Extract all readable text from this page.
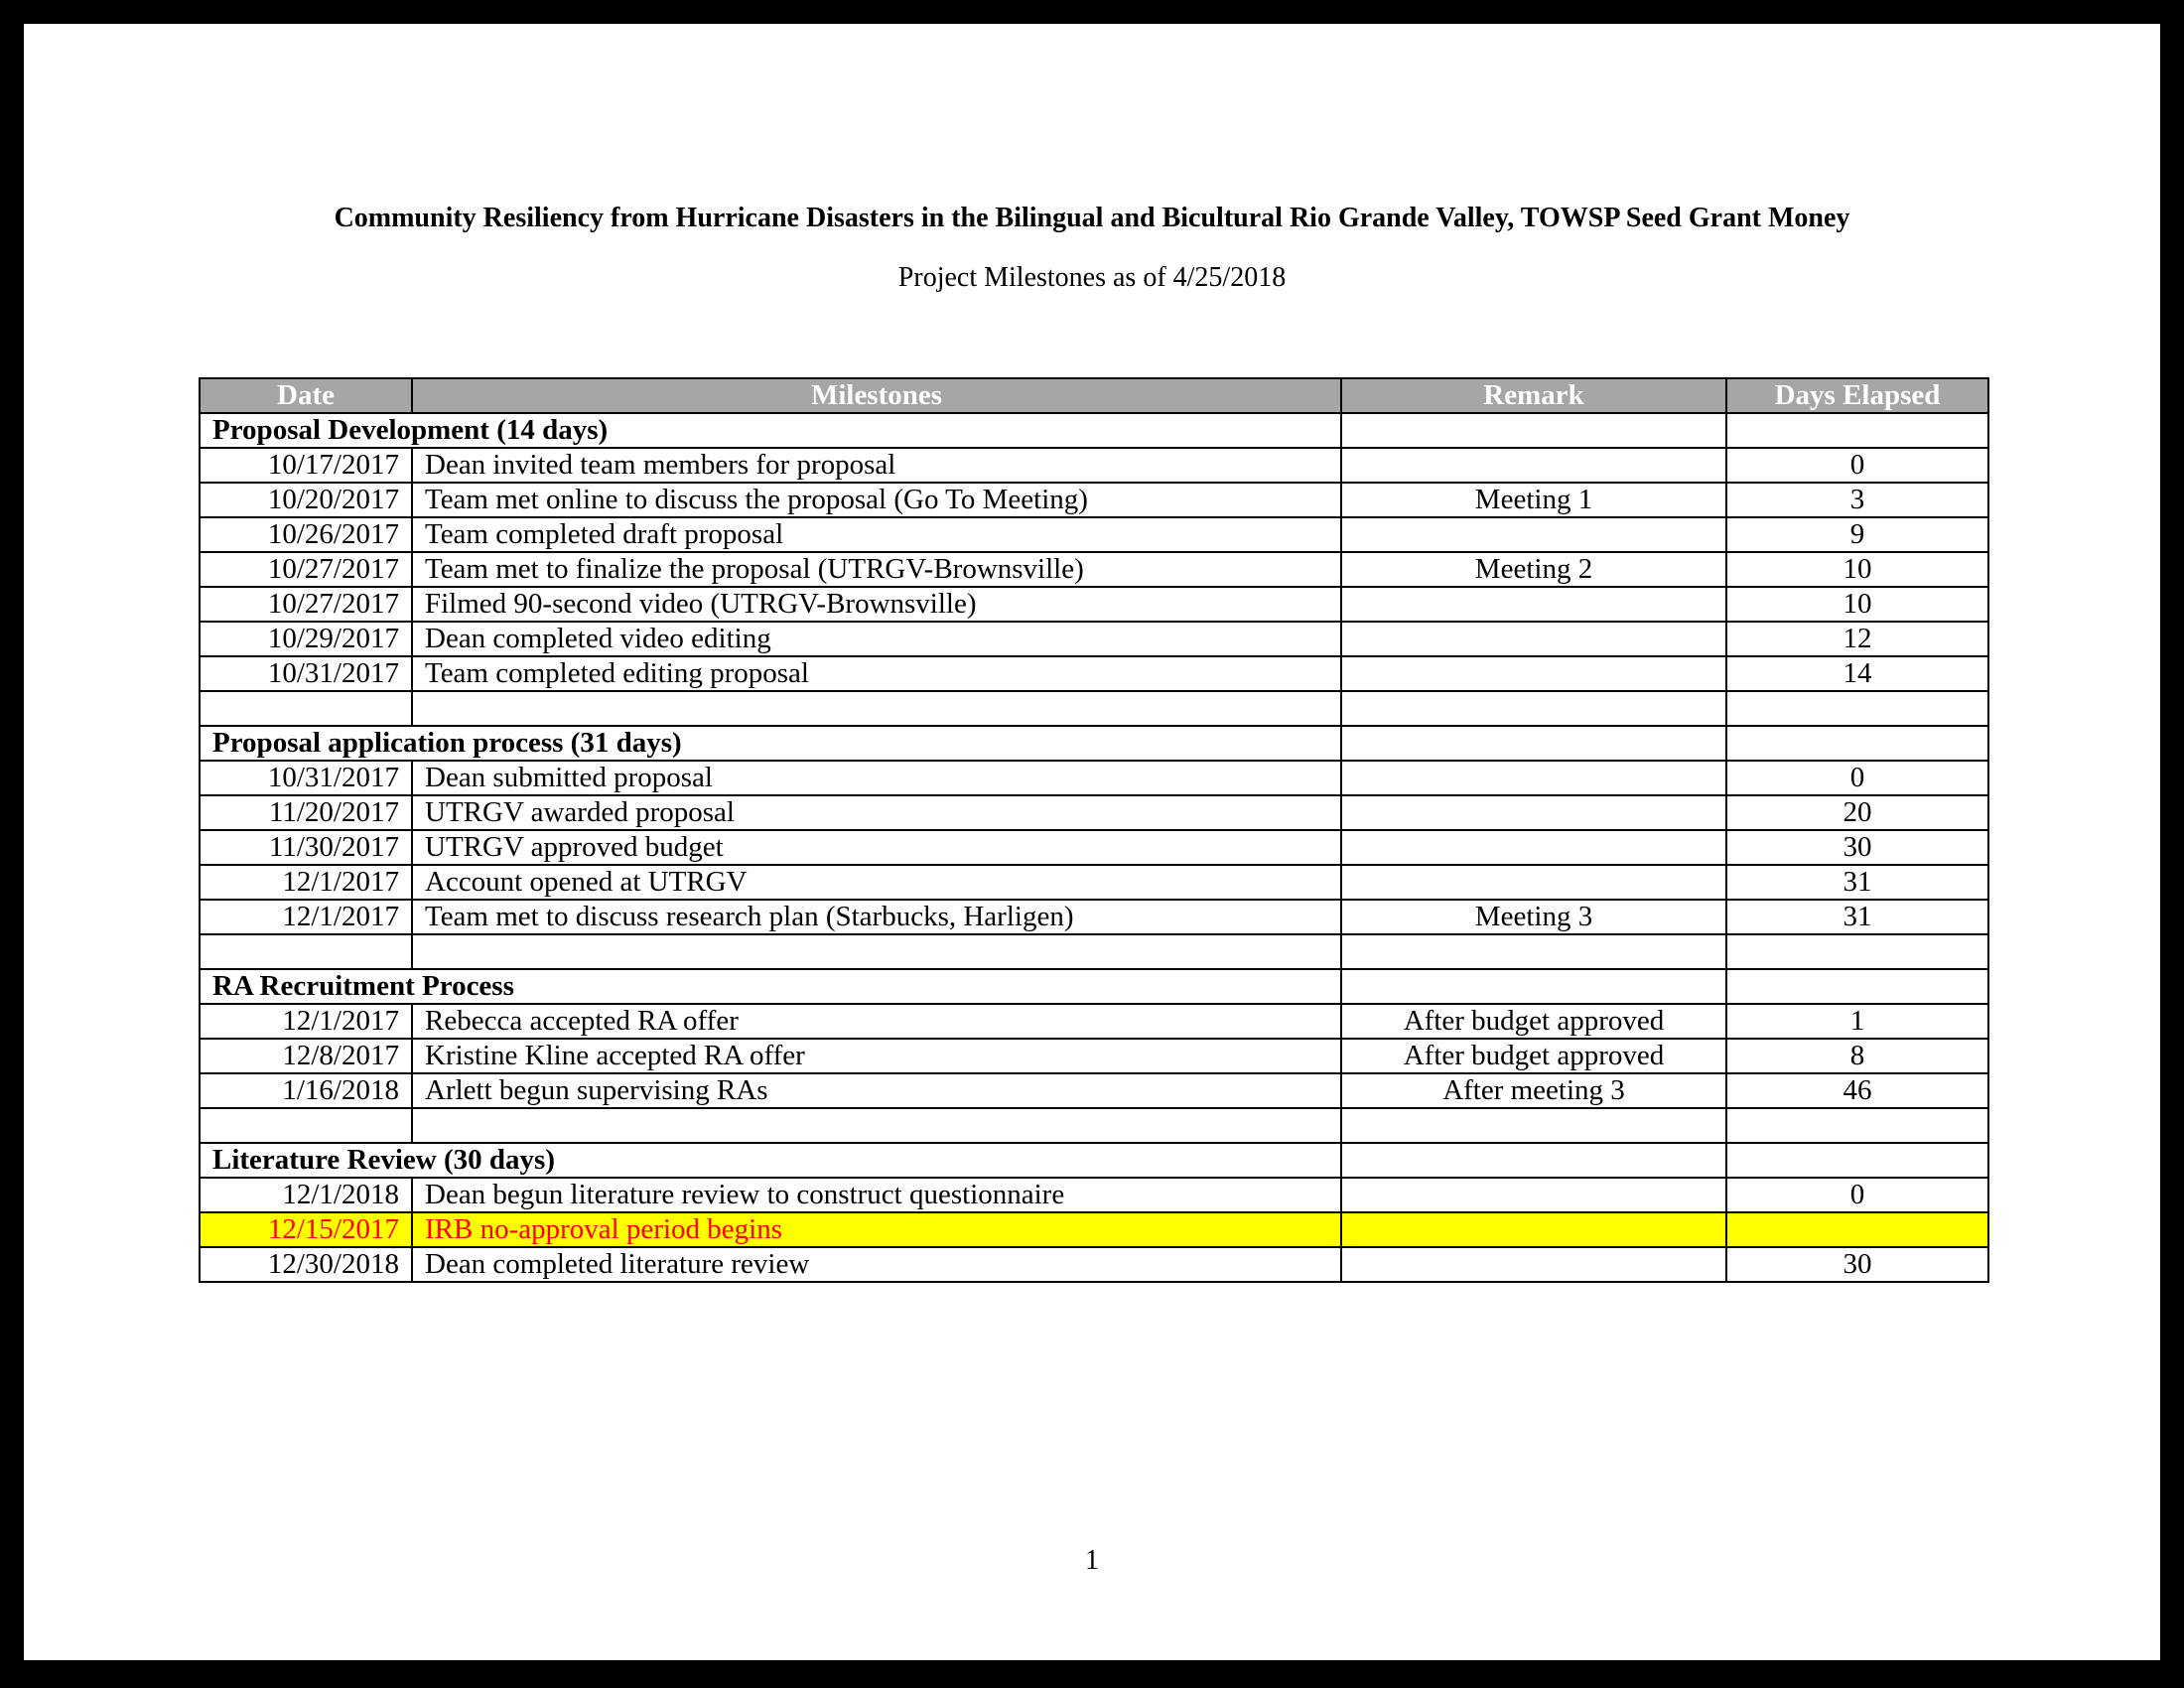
Community Resiliency from Hurricane Disasters in the Bilingual and Bicultural Rio Grande Valley, TOWSP Seed Grant Money
Project Milestones as of 4/25/2018
Date	Milestones	Remark	Days Elapsed
Proposal Development (14 days)			
10/17/2017	Dean invited team members for proposal		0
10/20/2017	Team met online to discuss the proposal (Go To Meeting)	Meeting 1	3
10/26/2017	Team completed draft proposal		9
10/27/2017	Team met to finalize the proposal (UTRGV-Brownsville)	Meeting 2	10
10/27/2017	Filmed 90-second video (UTRGV-Brownsville)		10
10/29/2017	Dean completed video editing		12
10/31/2017	Team completed editing proposal		14

Proposal application process (31 days)			
10/31/2017	Dean submitted proposal		0
11/20/2017	UTRGV awarded proposal		20
11/30/2017	UTRGV approved budget		30
12/1/2017	Account opened at UTRGV		31
12/1/2017	Team met to discuss research plan (Starbucks, Harligen)	Meeting 3	31

RA Recruitment Process			
12/1/2017	Rebecca accepted RA offer	After budget approved	1
12/8/2017	Kristine Kline accepted RA offer	After budget approved	8
1/16/2018	Arlett begun supervising RAs	After meeting 3	46

Literature Review (30 days)			
12/1/2018	Dean begun literature review to construct questionnaire		0
12/15/2017	IRB no-approval period begins		
12/30/2018	Dean completed literature review		30
1
